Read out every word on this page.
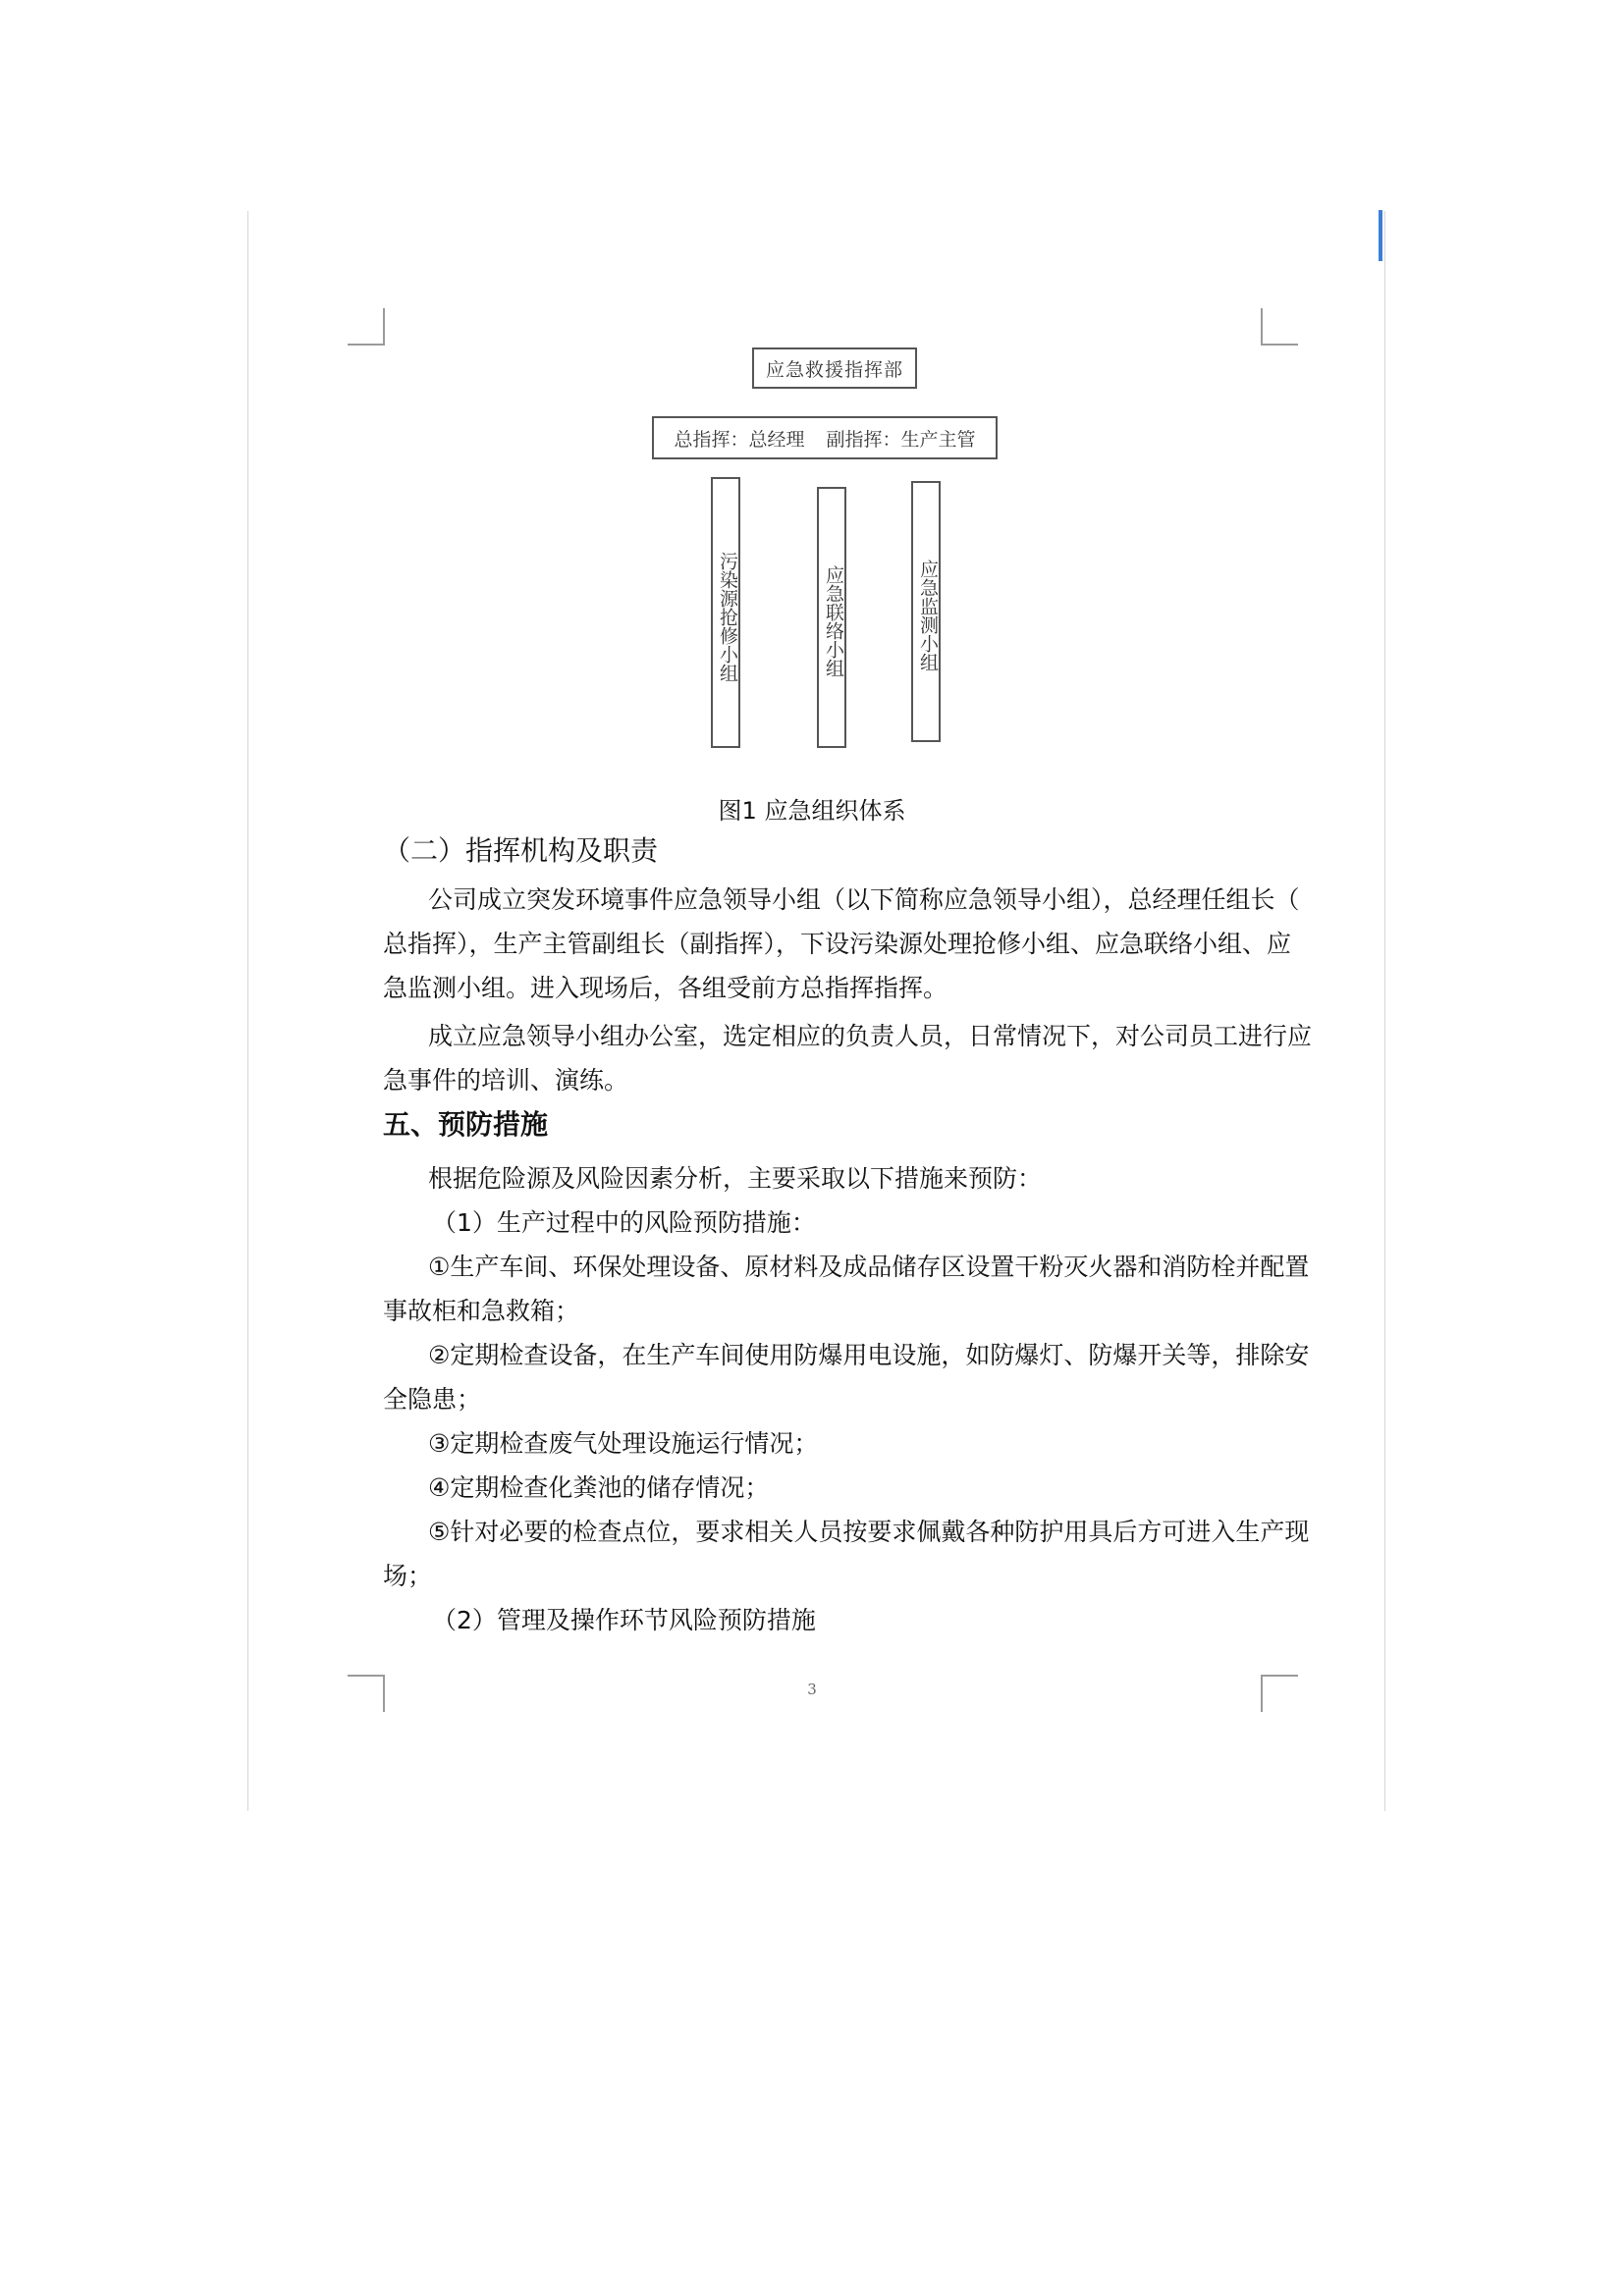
应急救援指挥部
总指挥：总经理 副指挥：生产主管
污染源抢修小组	应急联络小组	应急监测小组
图1 应急组织体系
（二）指挥机构及职责
公司成立突发环境事件应急领导小组（以下简称应急领导小组），总经理任组长（
总指挥），生产主管副组长（副指挥），下设污染源处理抢修小组、应急联络小组、应
急监测小组。进入现场后，各组受前方总指挥指挥。
成立应急领导小组办公室，选定相应的负责人员，日常情况下，对公司员工进行应
急事件的培训、演练。
五、预防措施
根据危险源及风险因素分析，主要采取以下措施来预防：
（1）生产过程中的风险预防措施：
①生产车间、环保处理设备、原材料及成品储存区设置干粉灭火器和消防栓并配置
事故柜和急救箱；
②定期检查设备，在生产车间使用防爆用电设施，如防爆灯、防爆开关等，排除安
全隐患；
③定期检查废气处理设施运行情况；
④定期检查化粪池的储存情况；
⑤针对必要的检查点位，要求相关人员按要求佩戴各种防护用具后方可进入生产现
场；
（2）管理及操作环节风险预防措施
3
